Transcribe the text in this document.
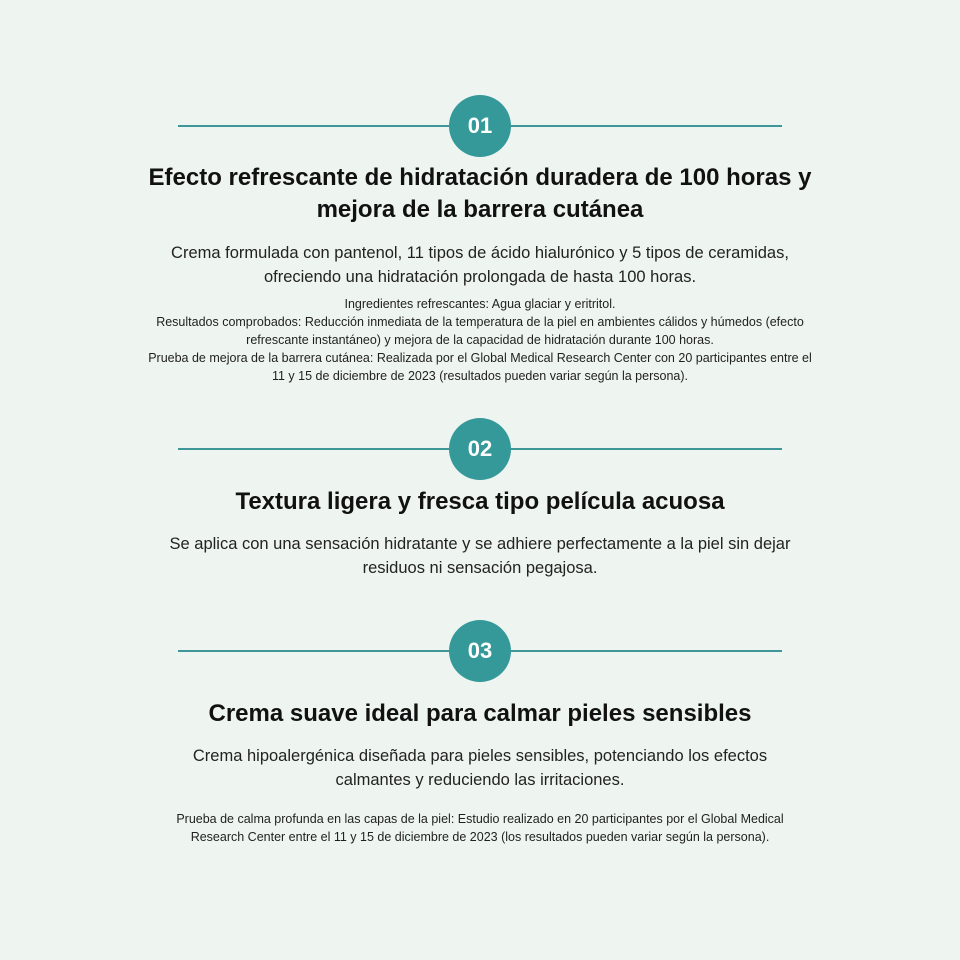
01
Efecto refrescante de hidratación duradera de 100 horas y
mejora de la barrera cutánea
Crema formulada con pantenol, 11 tipos de ácido hialurónico y 5 tipos de ceramidas,
ofreciendo una hidratación prolongada de hasta 100 horas.
Ingredientes refrescantes: Agua glaciar y eritritol.
Resultados comprobados: Reducción inmediata de la temperatura de la piel en ambientes cálidos y húmedos (efecto
refrescante instantáneo) y mejora de la capacidad de hidratación durante 100 horas.
Prueba de mejora de la barrera cutánea: Realizada por el Global Medical Research Center con 20 participantes entre el
11 y 15 de diciembre de 2023 (resultados pueden variar según la persona).
02
Textura ligera y fresca tipo película acuosa
Se aplica con una sensación hidratante y se adhiere perfectamente a la piel sin dejar
residuos ni sensación pegajosa.
03
Crema suave ideal para calmar pieles sensibles
Crema hipoalergénica diseñada para pieles sensibles, potenciando los efectos
calmantes y reduciendo las irritaciones.
Prueba de calma profunda en las capas de la piel: Estudio realizado en 20 participantes por el Global Medical
Research Center entre el 11 y 15 de diciembre de 2023 (los resultados pueden variar según la persona).
